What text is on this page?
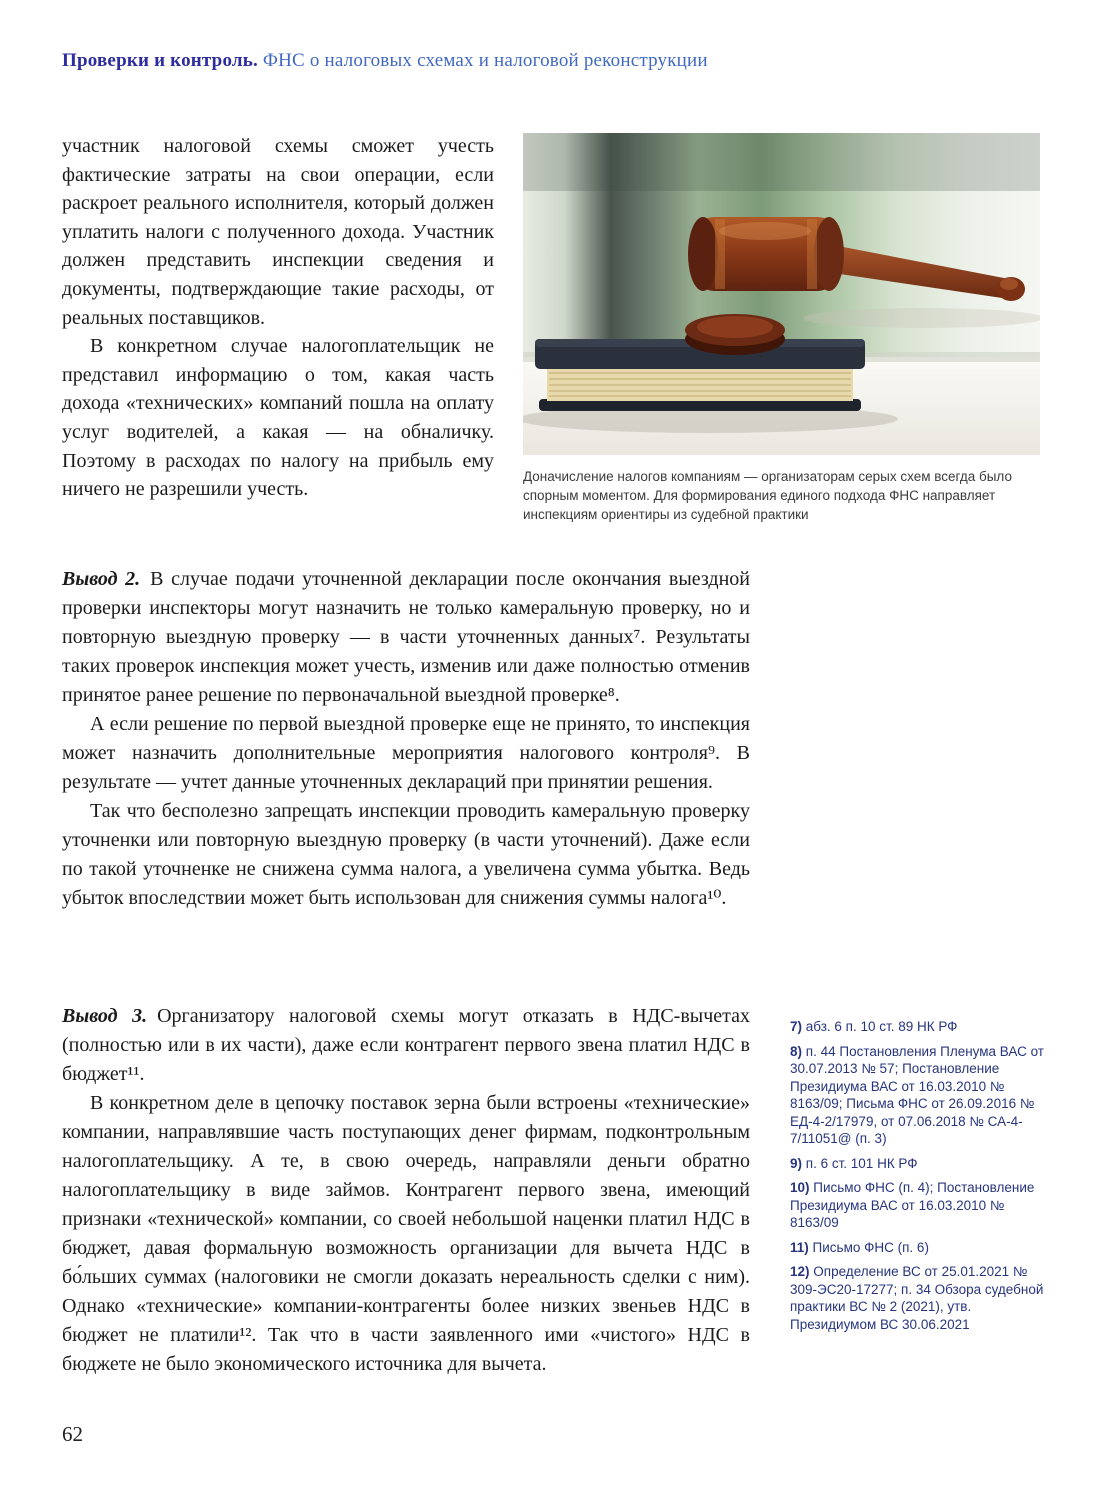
Проверки и контроль. ФНС о налоговых схемах и налоговой реконструкции

участник налоговой схемы сможет учесть фактические затраты на свои операции, если раскроет реального исполнителя, который должен уплатить налоги с полученного дохода. Участник должен представить инспекции сведения и документы, подтверждающие такие расходы, от реальных поставщиков.

В конкретном случае налогоплательщик не представил информацию о том, какая часть дохода «технических» компаний пошла на оплату услуг водителей, а какая — на обналичку. Поэтому в расходах по налогу на прибыль ему ничего не разрешили учесть.

Доначисление налогов компаниям — организаторам серых схем всегда было спорным моментом. Для формирования единого подхода ФНС направляет инспекциям ориентиры из судебной практики

Вывод 2. В случае подачи уточненной декларации после окончания выездной проверки инспекторы могут назначить не только камеральную проверку, но и повторную выездную проверку — в части уточненных данных⁷. Результаты таких проверок инспекция может учесть, изменив или даже полностью отменив принятое ранее решение по первоначальной выездной проверке⁸.

А если решение по первой выездной проверке еще не принято, то инспекция может назначить дополнительные мероприятия налогового контроля⁹. В результате — учтет данные уточненных деклараций при принятии решения.

Так что бесполезно запрещать инспекции проводить камеральную проверку уточненки или повторную выездную проверку (в части уточнений). Даже если по такой уточненке не снижена сумма налога, а увеличена сумма убытка. Ведь убыток впоследствии может быть использован для снижения суммы налога¹⁰.

Вывод 3. Организатору налоговой схемы могут отказать в НДС-вычетах (полностью или в их части), даже если контрагент первого звена платил НДС в бюджет¹¹.

В конкретном деле в цепочку поставок зерна были встроены «технические» компании, направлявшие часть поступающих денег фирмам, подконтрольным налогоплательщику. А те, в свою очередь, направляли деньги обратно налогоплательщику в виде займов. Контрагент первого звена, имеющий признаки «технической» компании, со своей небольшой наценки платил НДС в бюджет, давая формальную возможность организации для вычета НДС в бо́льших суммах (налоговики не смогли доказать нереальность сделки с ним). Однако «технические» компании-контрагенты более низких звеньев НДС в бюджет не платили¹². Так что в части заявленного ими «чистого» НДС в бюджете не было экономического источника для вычета.

7) абз. 6 п. 10 ст. 89 НК РФ

8) п. 44 Постановления Пленума ВАС от 30.07.2013 № 57; Постановление Президиума ВАС от 16.03.2010 № 8163/09; Письма ФНС от 26.09.2016 № ЕД-4-2/17979, от 07.06.2018 № СА-4-7/11051@ (п. 3)

9) п. 6 ст. 101 НК РФ

10) Письмо ФНС (п. 4); Постановление Президиума ВАС от 16.03.2010 № 8163/09

11) Письмо ФНС (п. 6)

12) Определение ВС от 25.01.2021 № 309-ЭС20-17277; п. 34 Обзора судебной практики ВС № 2 (2021), утв. Президиумом ВС 30.06.2021

62
